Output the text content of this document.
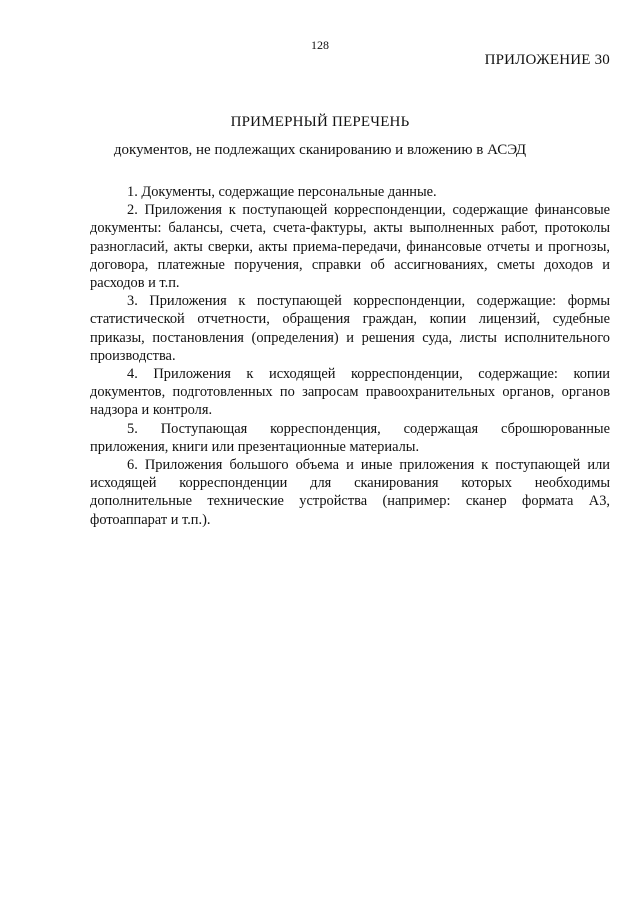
128

ПРИЛОЖЕНИЕ 30

ПРИМЕРНЫЙ ПЕРЕЧЕНЬ

документов, не подлежащих сканированию и вложению в АСЭД

1. Документы, содержащие персональные данные.

2. Приложения к поступающей корреспонденции, содержащие финансовые документы: балансы, счета, счета-фактуры, акты выполненных работ, протоколы разногласий, акты сверки, акты приема-передачи, финансовые отчеты и прогнозы, договора, платежные поручения, справки об ассигнованиях, сметы доходов и расходов и т.п.

3. Приложения к поступающей корреспонденции, содержащие: формы статистической отчетности, обращения граждан, копии лицензий, судебные приказы, постановления (определения) и решения суда, листы исполнительного производства.

4. Приложения к исходящей корреспонденции, содержащие: копии документов, подготовленных по запросам правоохранительных органов, органов надзора и контроля.

5. Поступающая корреспонденция, содержащая сброшюрованные приложения, книги или презентационные материалы.

6. Приложения большого объема и иные приложения к поступающей или исходящей корреспонденции для сканирования которых необходимы дополнительные технические устройства (например: сканер формата А3, фотоаппарат и т.п.).
